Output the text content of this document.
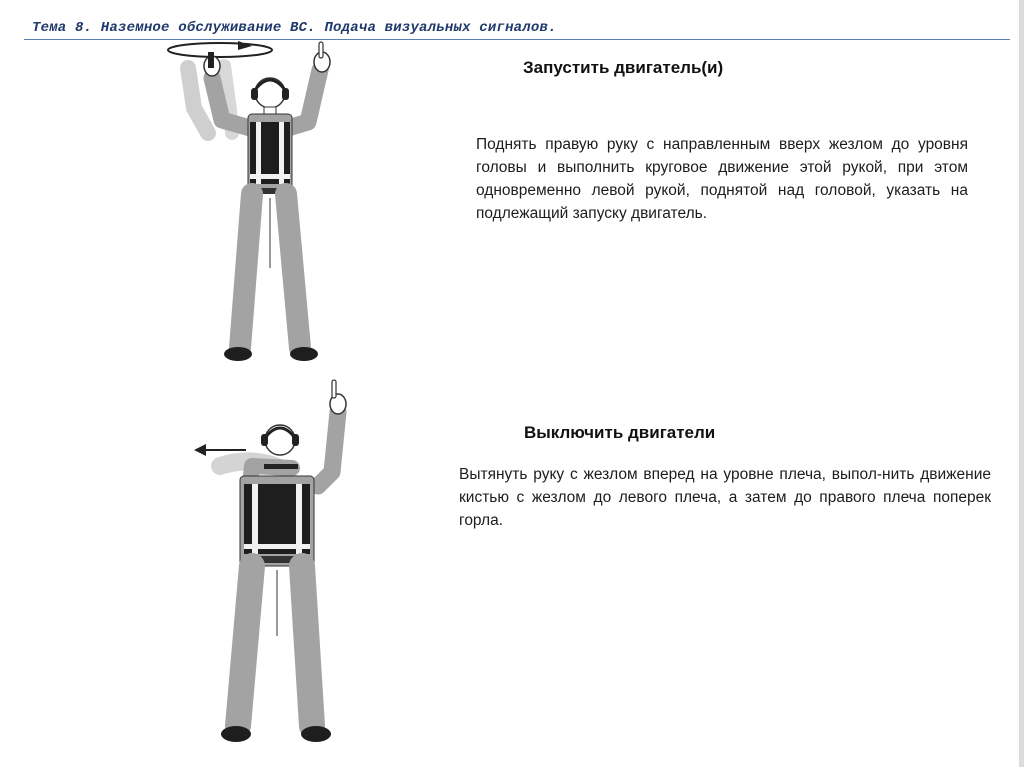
Тема 8. Наземное обслуживание ВС. Подача визуальных сигналов.
Запустить двигатель(и)
Поднять правую руку с направленным вверх жезлом до уровня головы и выполнить круговое движение этой рукой, при этом одновременно левой рукой, поднятой над головой, указать на подлежащий запуску двигатель.
Выключить двигатели
Вытянуть руку с жезлом вперед на уровне плеча, выпол-нить движение кистью с жезлом до левого плеча, а затем до правого плеча поперек горла.
